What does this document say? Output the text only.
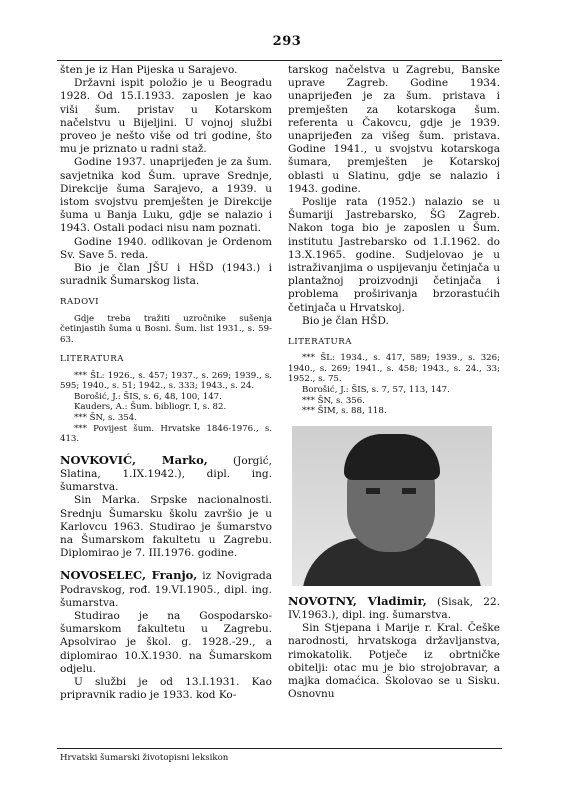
293

šten je iz Han Pijeska u Sarajevo.

Državni ispit položio je u Beogradu 1928. Od 15.I.1933. zaposlen je kao viši šum. pristav u Kotarskom načelstvu u Bijeljini. U vojnoj službi proveo je nešto više od tri godine, što mu je priznato u radni staž.

Godine 1937. unaprijeđen je za šum. savjetnika kod Šum. uprave Srednje, Direkcije šuma Sarajevo, a 1939. u istom svojstvu premješten je Direkcije šuma u Banja Luku, gdje se nalazio i 1943. Ostali podaci nisu nam poznati.

Godine 1940. odlikovan je Ordenom Sv. Save 5. reda.

Bio je član JŠU i HŠD (1943.) i suradnik Šumarskog lista.

RADOVI

Gdje treba tražiti uzročnike sušenja četinjastih šuma u Bosni. Šum. list 1931., s. 59-63.

LITERATURA

*** ŠL: 1926., s. 457; 1937., s. 269; 1939., s. 595; 1940., s. 51; 1942., s. 333; 1943., s. 24.

Borošić, J.: ŠIS, s. 6, 48, 100, 147.

Kauders, A.: Šum. bibliogr. I, s. 82.

*** ŠN, s. 354.

*** Povijest šum. Hrvatske 1846-1976., s. 413.

NOVKOVIĆ, Marko, (Jorgić, Slatina, 1.IX.1942.), dipl. ing. šumarstva.

Sin Marka. Srpske nacionalnosti. Srednju Šumarsku školu završio je u Karlovcu 1963. Studirao je šumarstvo na Šumarskom fakultetu u Zagrebu. Diplomirao je 7. III.1976. godine.

NOVOSELEC, Franjo, iz Novigrada Podravskog, rođ. 19.VI.1905., dipl. ing. šumarstva.

Studirao je na Gospodarsko-šumarskom fakultetu u Zagrebu. Apsolvirao je škol. g. 1928.-29., a diplomirao 10.X.1930. na Šumarskom odjelu.

U službi je od 13.I.1931. Kao pripravnik radio je 1933. kod Ko-

tarskog načelstva u Zagrebu, Banske uprave Zagreb. Godine 1934. unaprijeđen je za šum. pristava i premješten za kotarskoga šum. referenta u Čakovcu, gdje je 1939. unaprijeđen za višeg šum. pristava. Godine 1941., u svojstvu kotarskoga šumara, premješten je Kotarskoj oblasti u Slatinu, gdje se nalazio i 1943. godine.

Poslije rata (1952.) nalazio se u Šumariji Jastrebarsko, ŠG Zagreb. Nakon toga bio je zaposlen u Šum. institutu Jastrebarsko od 1.I.1962. do 13.X.1965. godine. Sudjelovao je u istraživanjima o uspijevanju četinjača u plantažnoj proizvodnji četinjača i problema proširivanja brzorastućih četinjača u Hrvatskoj.

Bio je član HŠD.

LITERATURA

*** ŠL: 1934., s. 417, 589; 1939., s. 326; 1940., s. 269; 1941., s. 458; 1943., s. 24., 33; 1952., s. 75.

Borošić, J.: ŠIS, s. 7, 57, 113, 147.

*** ŠN, s. 356.

*** ŠIM, s. 88, 118.

NOVOTNY, Vladimir, (Sisak, 22. IV.1963.), dipl. ing. šumarstva.

Sin Stjepana i Marije r. Kral. Češke narodnosti, hrvatskoga državljanstva, rimokatolik. Potječe iz obrtničke obitelji: otac mu je bio strojobravar, a majka domaćica. Školovao se u Sisku. Osnovnu

Hrvatski šumarski životopisni leksikon
